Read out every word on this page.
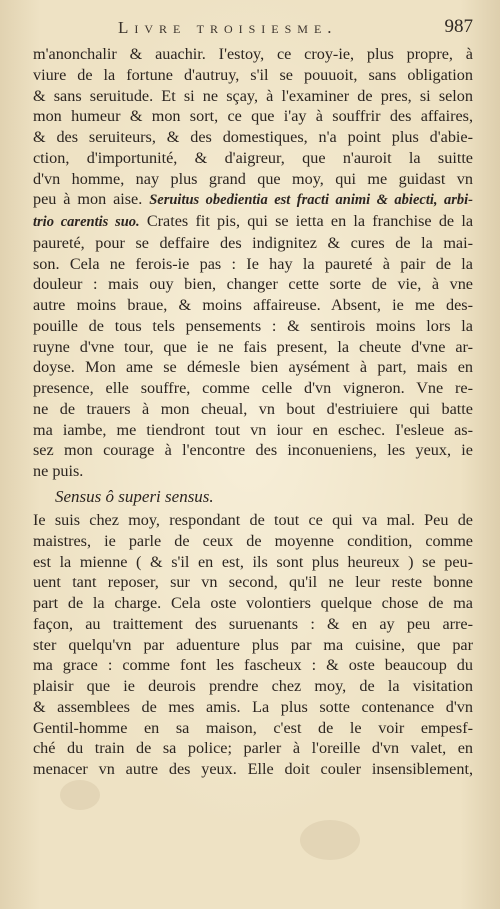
Livre troisiesme.	987
m'anonchalir & auachir. I'estoy, ce croy-ie, plus propre, à
viure de la fortune d'autruy, s'il se pouuoit, sans obligation
& sans seruitude. Et si ne sçay, à l'examiner de pres, si selon
mon humeur & mon sort, ce que i'ay à souffrir des affaires,
& des seruiteurs, & des domestiques, n'a point plus d'abie-
ction, d'importunité, & d'aigreur, que n'auroit la suitte
d'vn homme, nay plus grand que moy, qui me guidast vn
peu à mon aise. Seruitus obedientia est fracti animi & abiecti, arbi-
trio carentis suo. Crates fit pis, qui se ietta en la franchise de la
paureté, pour se deffaire des indignitez & cures de la mai-
son. Cela ne ferois-ie pas : Ie hay la paureté à pair de la
douleur : mais ouy bien, changer cette sorte de vie, à vne
autre moins braue, & moins affaireuse. Absent, ie me des-
pouille de tous tels pensements : & sentirois moins lors la
ruyne d'vne tour, que ie ne fais present, la cheute d'vne ar-
doyse. Mon ame se démesle bien aysément à part, mais en
presence, elle souffre, comme celle d'vn vigneron. Vne re-
ne de trauers à mon cheual, vn bout d'estriuiere qui batte
ma iambe, me tiendront tout vn iour en eschec. I'esleue as-
sez mon courage à l'encontre des inconueniens, les yeux, ie
ne puis.
Sensus ô superi sensus.
Ie suis chez moy, respondant de tout ce qui va mal. Peu de
maistres, ie parle de ceux de moyenne condition, comme
est la mienne ( & s'il en est, ils sont plus heureux ) se peu-
uent tant reposer, sur vn second, qu'il ne leur reste bonne
part de la charge. Cela oste volontiers quelque chose de ma
façon, au traittement des suruenants : & en ay peu arre-
ster quelqu'vn par aduenture plus par ma cuisine, que par
ma grace : comme font les fascheux : & oste beaucoup du
plaisir que ie deurois prendre chez moy, de la visitation
& assemblees de mes amis. La plus sotte contenance d'vn
Gentil-homme en sa maison, c'est de le voir empesf-
ché du train de sa police; parler à l'oreille d'vn valet, en
menacer vn autre des yeux. Elle doit couler insensiblement,
